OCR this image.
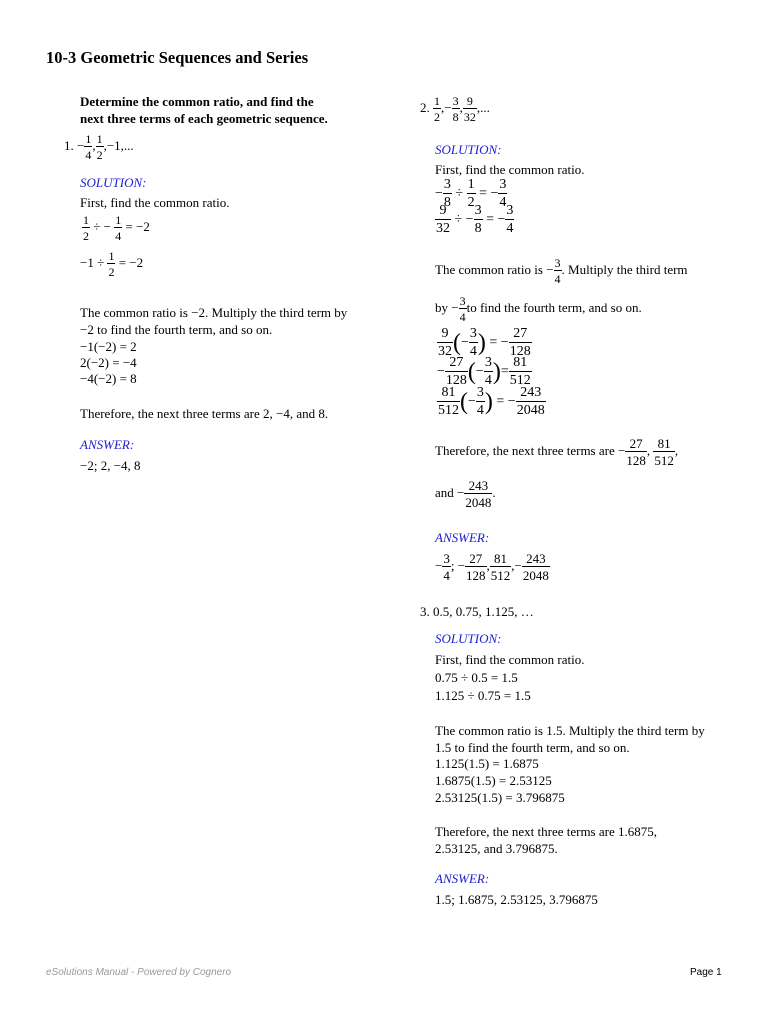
10-3 Geometric Sequences and Series
Determine the common ratio, and find the
next three terms of each geometric sequence.
1. − $\frac{1}{4}$ , $\frac{1}{2} ,-1$,...
SOLUTION:
First, find the common ratio.
$\frac{1}{2}$ ÷ − $\frac{1}{4} = -2$
$-1 \div \frac{1}{2} = -2$
The common ratio is −2. Multiply the third term by
−2 to find the fourth term, and so on.
−1(−2) = 2
2(−2) = −4
−4(−2) = 8
Therefore, the next three terms are 2, −4, and 8.
ANSWER:
−2; 2, −4, 8
2. $\frac{1}{2}$ ,− $\frac{3}{8}$ , $\frac{9}{32}$ ,...
SOLUTION:
First, find the common ratio.
− $\frac{3}{8} \div \frac{1}{2}$ = − $\frac{3}{4}$
$\frac{9}{32}$ ÷ − $\frac{3}{8}$ = − $\frac{3}{4}$
The common ratio is − $\frac{3}{4}$ . Multiply the third term
by − $\frac{3}{4}$ to find the fourth term, and so on.
$\frac{9}{32}$ (− $\frac{3}{4}$ ) = − $\frac{27}{128}$
− $\frac{27}{128}$ (− $\frac{3}{4}$ )= $\frac{81}{512}$
$\frac{81}{512}$ (− $\frac{3}{4}$ ) = − $\frac{243}{2048}$
Therefore, the next three terms are − $\frac{27}{128}$ , $\frac{81}{512}$ ,
and − $\frac{243}{2048}$ .
ANSWER:
− $\frac{3}{4}$ ; − $\frac{27}{128}$ , $\frac{81}{512}$ ,− $\frac{243}{2048}$
3. 0.5, 0.75, 1.125, …
SOLUTION:
First, find the common ratio.
0.75 ÷ 0.5 = 1.5
1.125 ÷ 0.75 = 1.5
The common ratio is 1.5. Multiply the third term by
1.5 to find the fourth term, and so on.
1.125(1.5) = 1.6875
1.6875(1.5) = 2.53125
2.53125(1.5) = 3.796875
Therefore, the next three terms are 1.6875,
2.53125, and 3.796875.
ANSWER:
1.5; 1.6875, 2.53125, 3.796875
eSolutions Manual - Powered by Cognero	Page 1
